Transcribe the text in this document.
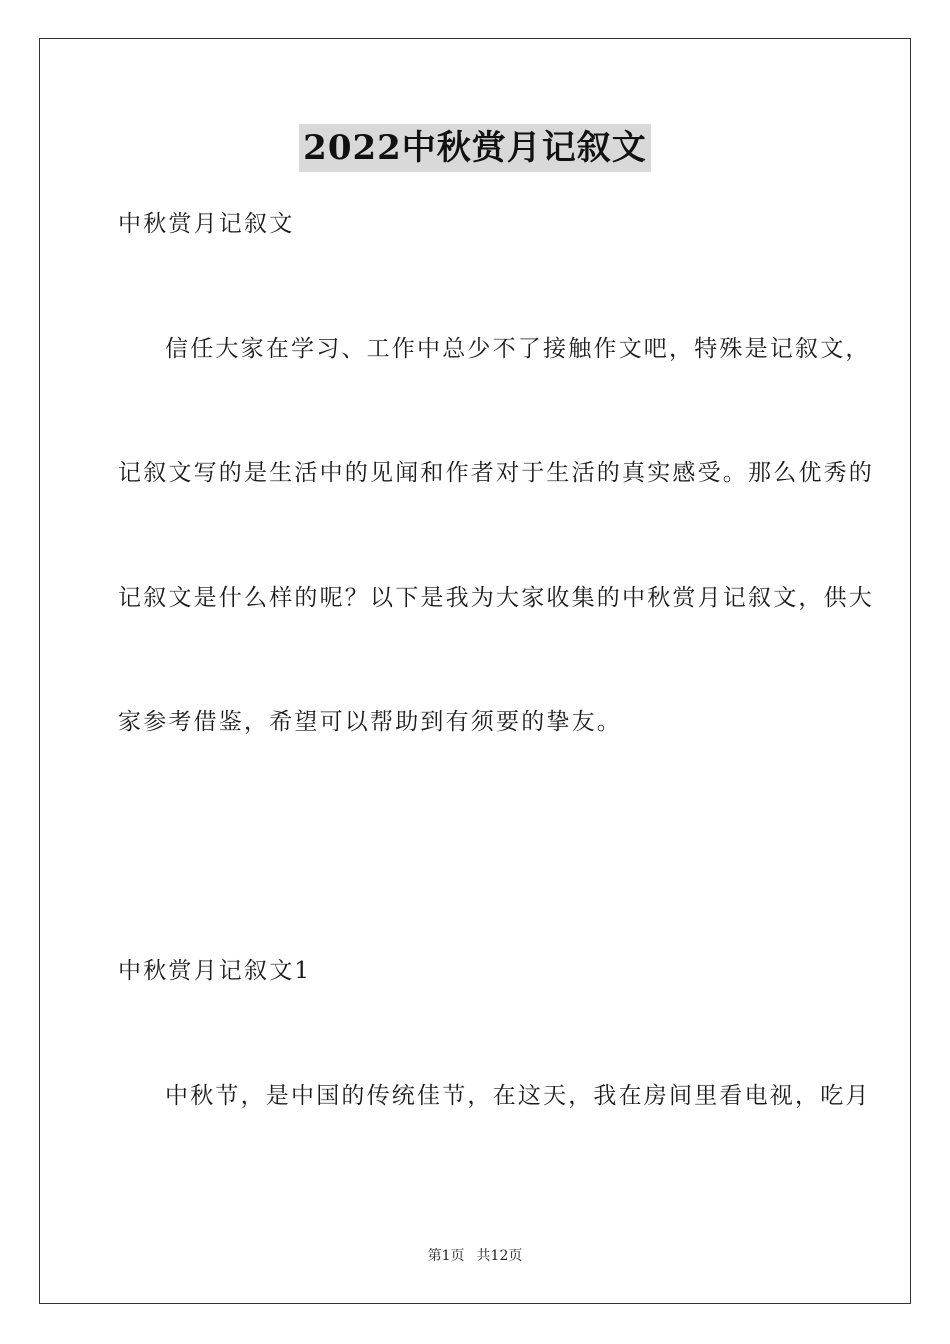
2022中秋赏月记叙文

中秋赏月记叙文

信任大家在学习、工作中总少不了接触作文吧，特殊是记叙文，

记叙文写的是生活中的见闻和作者对于生活的真实感受。那么优秀的

记叙文是什么样的呢？以下是我为大家收集的中秋赏月记叙文，供大

家参考借鉴，希望可以帮助到有须要的挚友。

中秋赏月记叙文1

中秋节，是中国的传统佳节，在这天，我在房间里看电视，吃月

第1页 共12页
